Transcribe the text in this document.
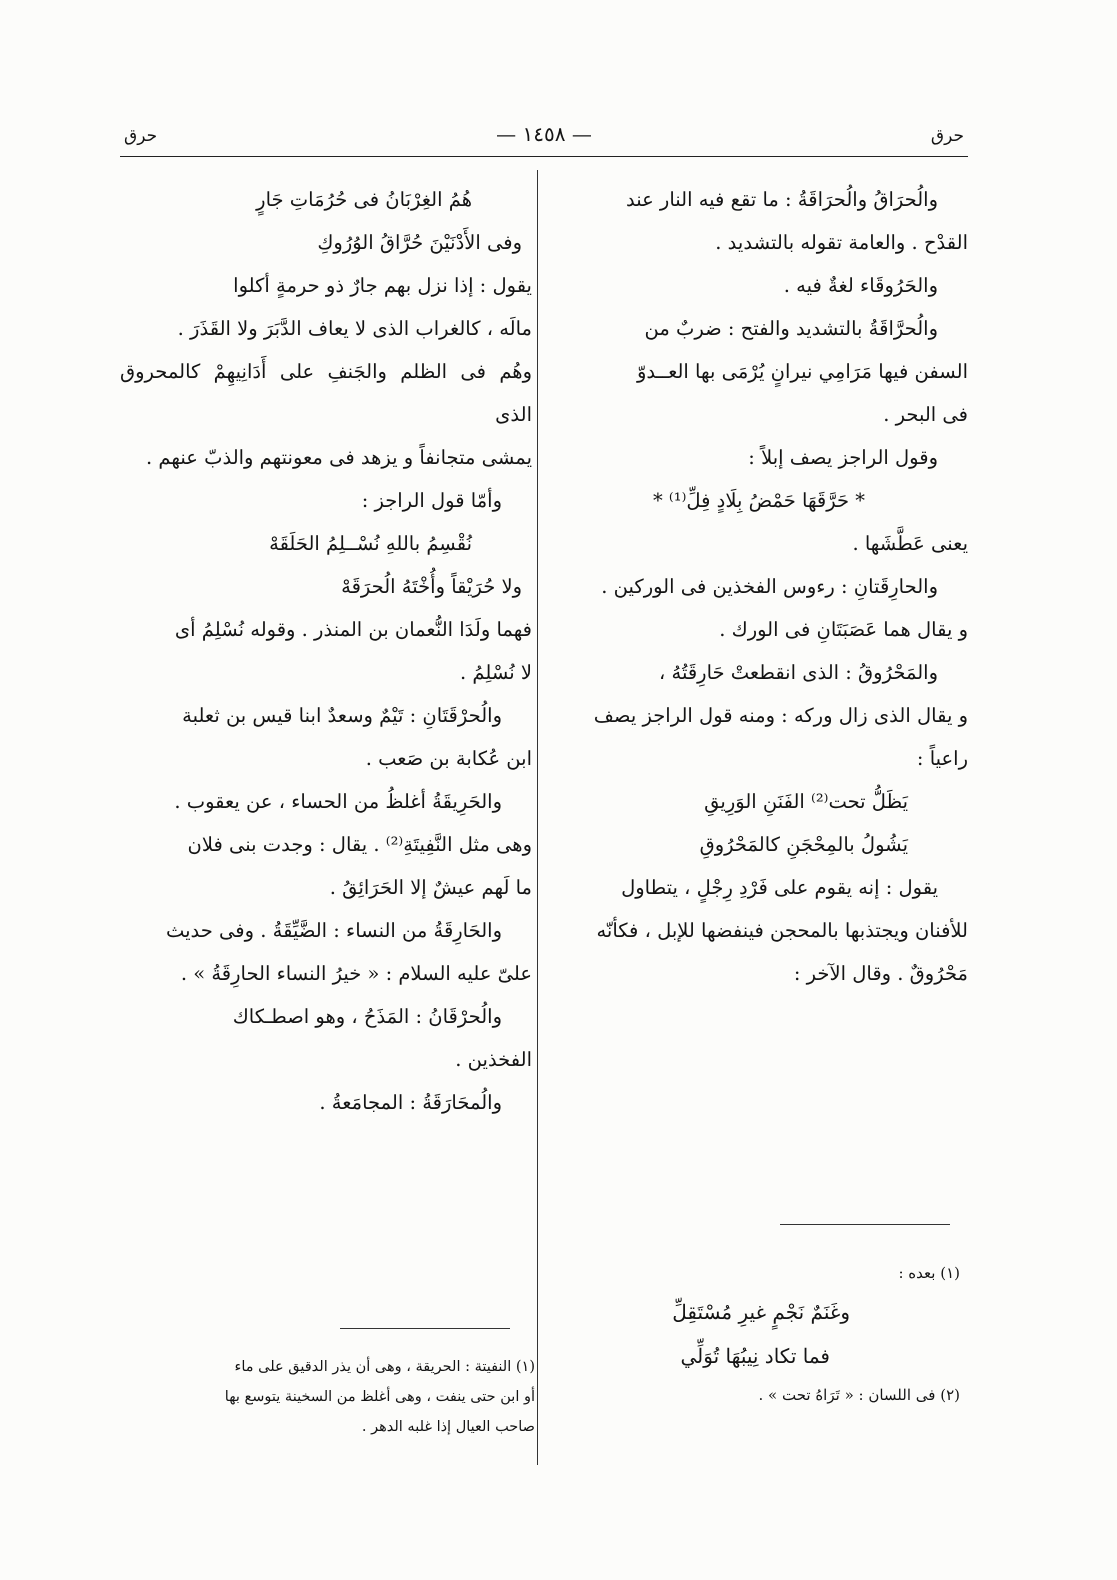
حرق
— ١٤٥٨ —
حرق

والُحرَاقُ والُحرَاقَةُ : ما تقع فيه النار عند

القدْح . والعامة تقوله بالتشديد .

والحَرُوقَاء لغةٌ فيه .

والُحرَّاقَةُ بالتشديد والفتح : ضربٌ من

السفن فيها مَرَامِي نيرانٍ يُرْمَى بها العــدوّ

فى البحر .

وقول الراجز يصف إبلاً :

* حَرَّقَهَا حَمْضُ بِلَادٍ فِلِّ⁽¹⁾ *

يعنى عَطَّشَها .

والحارِقَتانِ : رءوس الفخذين فى الوركين .

و يقال هما عَصَبَتَانِ فى الورك .

والمَحْرُوقُ : الذى انقطعتْ حَارِقَتُهُ ،

و يقال الذى زال وركه : ومنه قول الراجز يصف

راعياً :

يَظَلُّ تحت⁽²⁾ الفَنَنِ الوَرِيقِ

يَشُولُ بالمِحْجَنِ كالمَحْرُوقِ

يقول : إنه يقوم على فَرْدِ رِجْلٍ ، يتطاول

للأفنان ويجتذبها بالمحجن فينفضها للإبل ، فكأنّه

مَحْرُوقٌ . وقال الآخر :

هُمُ الغِرْبَانُ فى حُرُمَاتِ جَارٍ

وفى الأَدْنَيْنَ حُرَّاقُ الوُرُوكِ

يقول : إذا نزل بهم جارٌ ذو حرمةٍ أكلوا

مالَه ، كالغراب الذى لا يعاف الدَّبَرَ ولا القَذَرَ .

وهُم فى الظلم والجَنفِ على أَدَانِيهِمْ كالمحروق الذى

يمشى متجانفاً و يزهد فى معونتهم والذبّ عنهم .

وأمّا قول الراجز :

نُقْسِمُ باللهِ نُسْــلِمُ الحَلَقَهْ

ولا حُرَيْقاً وأُخْتَهُ الُحرَقَهْ

فهما ولَدَا النُّعمان بن المنذر . وقوله نُسْلِمُ أى

لا نُسْلِمُ .

والُحرْقَتَانِ : تَيْمٌ وسعدٌ ابنا قيس بن ثعلبة

ابن عُكابة بن صَعب .

والحَرِيقَةُ أغلظُ من الحساء ، عن يعقوب .

وهى مثل النَّفِيتَةِ⁽²⁾ . يقال : وجدت بنى فلان

ما لَهم عيشٌ إلا الحَرَائِقُ .

والحَارِقَةُ من النساء : الضَّيِّقَةُ . وفى حديث

علىّ عليه السلام : « خيرُ النساء الحارِقَةُ » .

والُحرْقَانُ : المَذَحُ ، وهو اصطـكاك

الفخذين .

والُمحَارَقَةُ : المجامَعةُ .

(١) بعده :

وغَنَمٌ نَجْمٍ غيرِ مُسْتَقِلِّ

فما تكاد نِيبُهَا تُوَلِّي

(٢) فى اللسان : « تَرَاهُ تحت » .

(١) النفيتة : الحريقة ، وهى أن يذر الدقيق على ماء

أو ابن حتى ينفت ، وهى أغلظ من السخينة يتوسع بها

صاحب العيال إذا غلبه الدهر .
